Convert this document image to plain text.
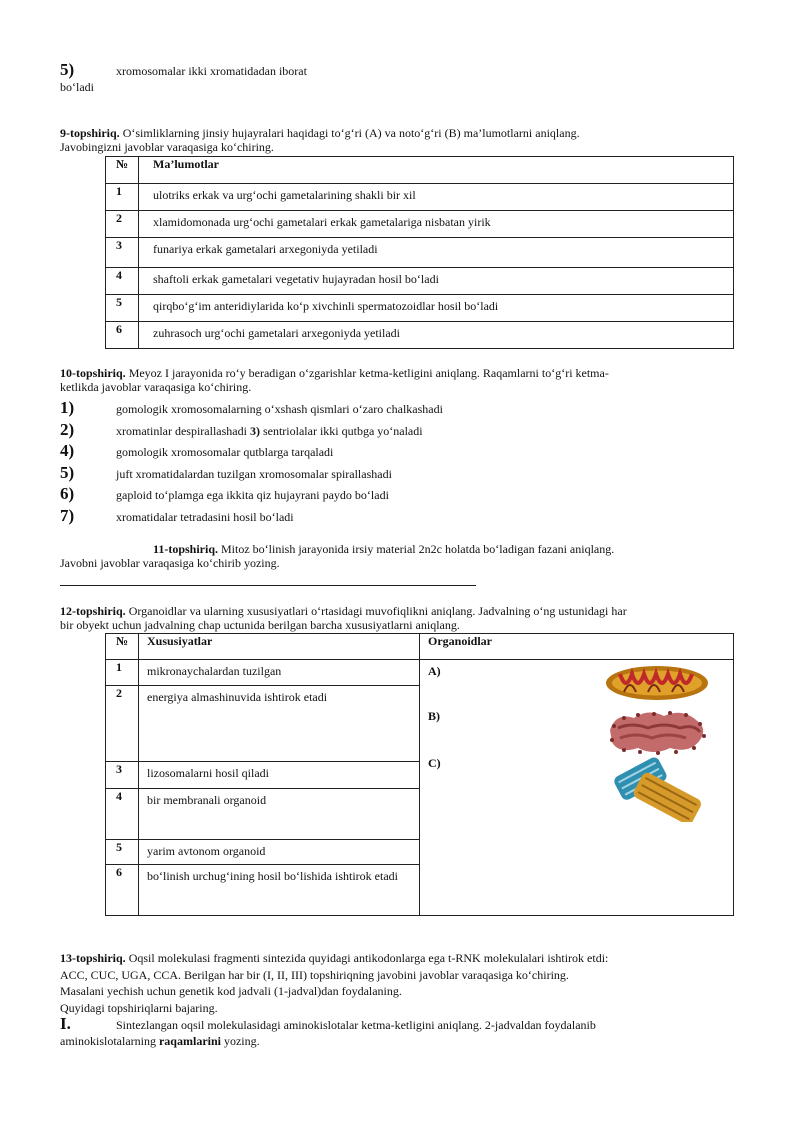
5)	xromosomalar ikki xromatidadan iborat
bo‘ladi
9-topshiriq. O‘simliklarning jinsiy hujayralari haqidagi to‘g‘ri (A) va noto‘g‘ri (B) ma’lumotlarni aniqlang.
Javobingizni javoblar varaqasiga ko‘chiring.
№	Ma’lumotlar
1	ulotriks erkak va urg‘ochi gametalarining shakli bir xil
2	xlamidomonada urg‘ochi gametalari erkak gametalariga nisbatan yirik
3	funariya erkak gametalari arxegoniyda yetiladi
4	shaftoli erkak gametalari vegetativ hujayradan hosil bo‘ladi
5	qirqbo‘g‘im anteridiylarida ko‘p xivchinli spermatozoidlar hosil bo‘ladi
6	zuhrasoch urg‘ochi gametalari arxegoniyda yetiladi
10-topshiriq. Meyoz I jarayonida ro‘y beradigan o‘zgarishlar ketma-ketligini aniqlang. Raqamlarni to‘g‘ri ketma-
ketlikda javoblar varaqasiga ko‘chiring.
1)	gomologik xromosomalarning o‘xshash qismlari o‘zaro chalkashadi
2)	xromatinlar despirallashadi 3) sentriolalar ikki qutbga yo‘naladi
4)	gomologik xromosomalar qutblarga tarqaladi
5)	juft xromatidalardan tuzilgan xromosomalar spirallashadi
6)	gaploid to‘plamga ega ikkita qiz hujayrani paydo bo‘ladi
7)	xromatidalar tetradasini hosil bo‘ladi
11-topshiriq. Mitoz bo‘linish jarayonida irsiy material 2n2c holatda bo‘ladigan fazani aniqlang.
Javobni javoblar varaqasiga ko‘chirib yozing.
12-topshiriq. Organoidlar va ularning xususiyatlari o‘rtasidagi muvofiqlikni aniqlang. Jadvalning o‘ng ustunidagi har
bir obyekt uchun jadvalning chap uctunida berilgan barcha xususiyatlarni aniqlang.
№	Xususiyatlar	Organoidlar
1	mikronaychalardan tuzilgan	A)
B)
C)

2	energiya almashinuvida ishtirok etadi	
3	lizosomalarni hosil qiladi	
4	bir membranali organoid	
5	yarim avtonom organoid	
6	bo‘linish urchug‘ining hosil bo‘lishida ishtirok etadi	
13-topshiriq. Oqsil molekulasi fragmenti sintezida quyidagi antikodonlarga ega t-RNK molekulalari ishtirok etdi:
ACC, CUC, UGA, CCA. Berilgan har bir (I, II, III) topshiriqning javobini javoblar varaqasiga ko‘chiring.
Masalani yechish uchun genetik kod jadvali (1-jadval)dan foydalaning.
Quyidagi topshiriqlarni bajaring.
I.	Sintezlangan oqsil molekulasidagi aminokislotalar ketma-ketligini aniqlang. 2-jadvaldan foydalanib
aminokislotalarning raqamlarini yozing.
